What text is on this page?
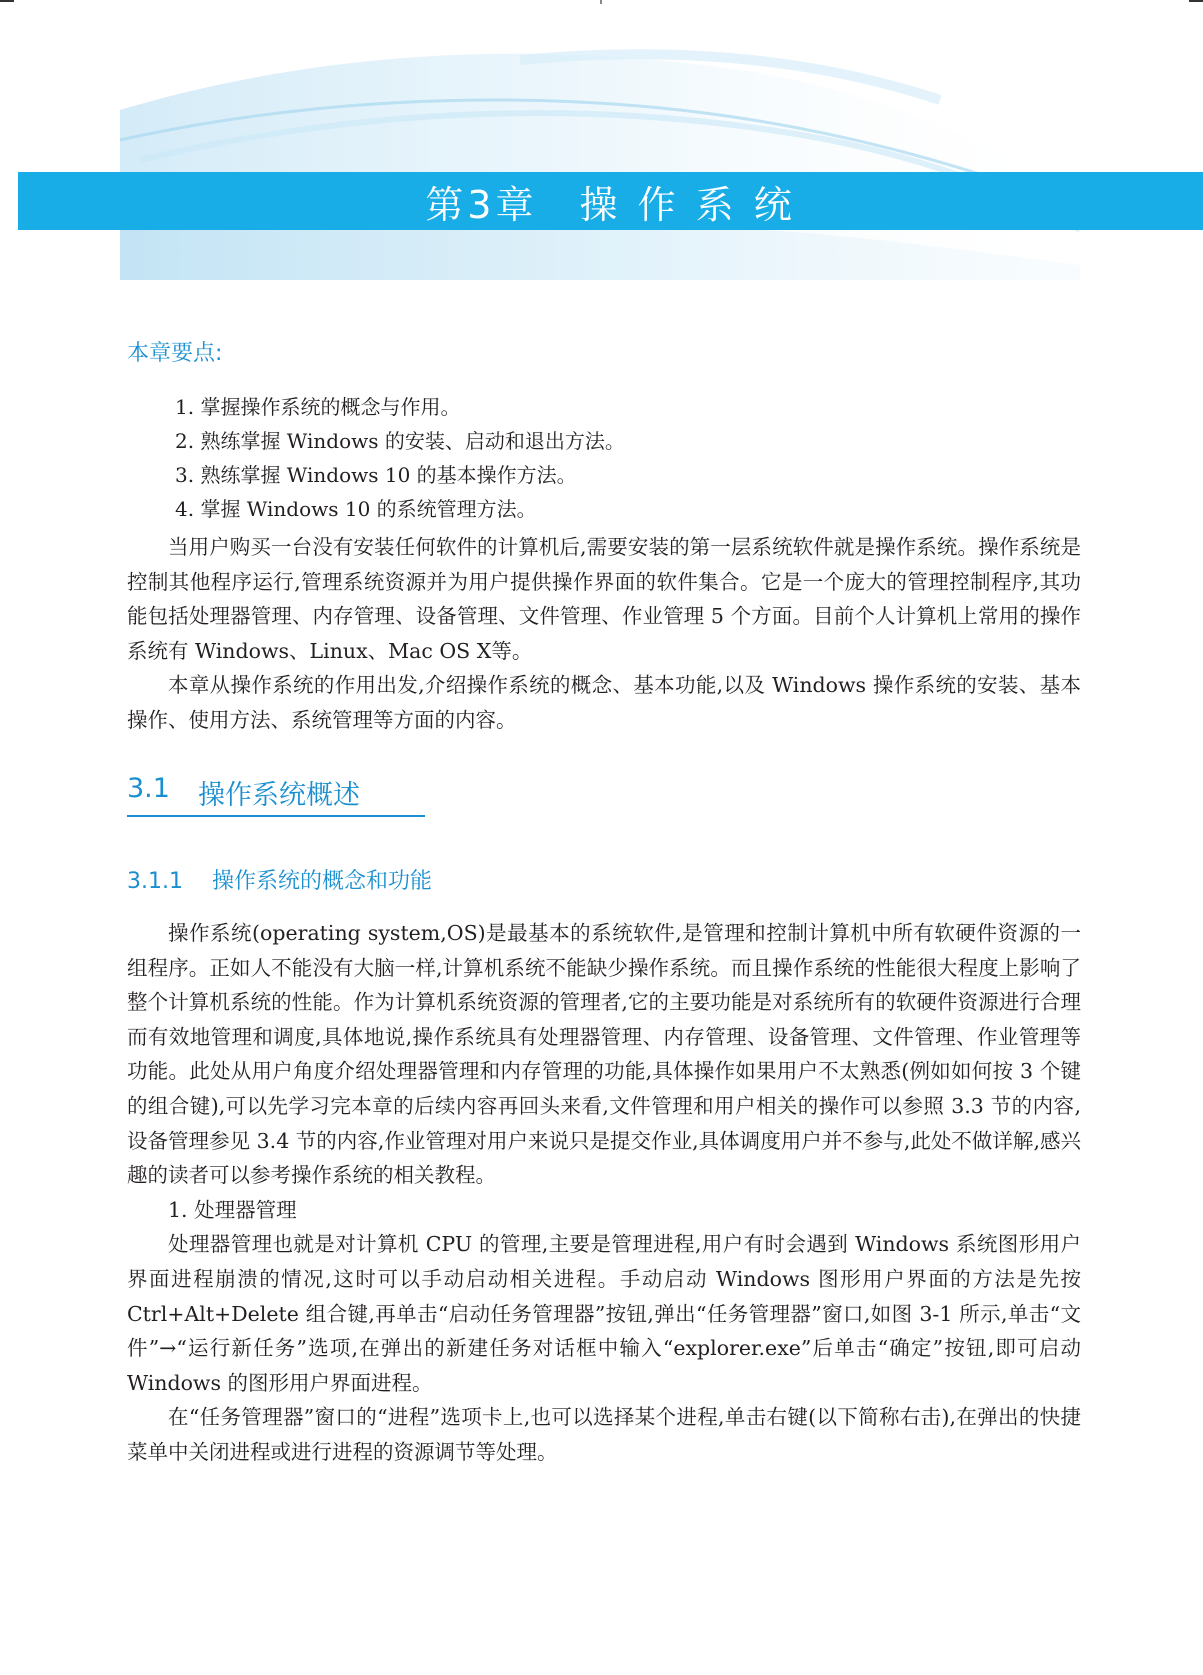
第3章　操 作 系 统
本章要点:
1. 掌握操作系统的概念与作用。
2. 熟练掌握 Windows 的安装、启动和退出方法。
3. 熟练掌握 Windows 10 的基本操作方法。
4. 掌握 Windows 10 的系统管理方法。

当用户购买一台没有安装任何软件的计算机后,需要安装的第一层系统软件就是操作系统。操作系统是控制其他程序运行,管理系统资源并为用户提供操作界面的软件集合。它是一个庞大的管理控制程序,其功能包括处理器管理、内存管理、设备管理、文件管理、作业管理 5 个方面。目前个人计算机上常用的操作系统有 Windows、Linux、Mac OS X等。

本章从操作系统的作用出发,介绍操作系统的概念、基本功能,以及 Windows 操作系统的安装、基本操作、使用方法、系统管理等方面的内容。

3.1 操作系统概述
3.1.1 操作系统的概念和功能

操作系统(operating system,OS)是最基本的系统软件,是管理和控制计算机中所有软硬件资源的一组程序。正如人不能没有大脑一样,计算机系统不能缺少操作系统。而且操作系统的性能很大程度上影响了整个计算机系统的性能。作为计算机系统资源的管理者,它的主要功能是对系统所有的软硬件资源进行合理而有效地管理和调度,具体地说,操作系统具有处理器管理、内存管理、设备管理、文件管理、作业管理等功能。此处从用户角度介绍处理器管理和内存管理的功能,具体操作如果用户不太熟悉(例如如何按 3 个键的组合键),可以先学习完本章的后续内容再回头来看,文件管理和用户相关的操作可以参照 3.3 节的内容,设备管理参见 3.4 节的内容,作业管理对用户来说只是提交作业,具体调度用户并不参与,此处不做详解,感兴趣的读者可以参考操作系统的相关教程。

1. 处理器管理

处理器管理也就是对计算机 CPU 的管理,主要是管理进程,用户有时会遇到 Windows 系统图形用户界面进程崩溃的情况,这时可以手动启动相关进程。手动启动 Windows 图形用户界面的方法是先按 Ctrl+Alt+Delete 组合键,再单击“启动任务管理器”按钮,弹出“任务管理器”窗口,如图 3-1 所示,单击“文件”→“运行新任务”选项,在弹出的新建任务对话框中输入“explorer.exe”后单击“确定”按钮,即可启动 Windows 的图形用户界面进程。

在“任务管理器”窗口的“进程”选项卡上,也可以选择某个进程,单击右键(以下简称右击),在弹出的快捷菜单中关闭进程或进行进程的资源调节等处理。
